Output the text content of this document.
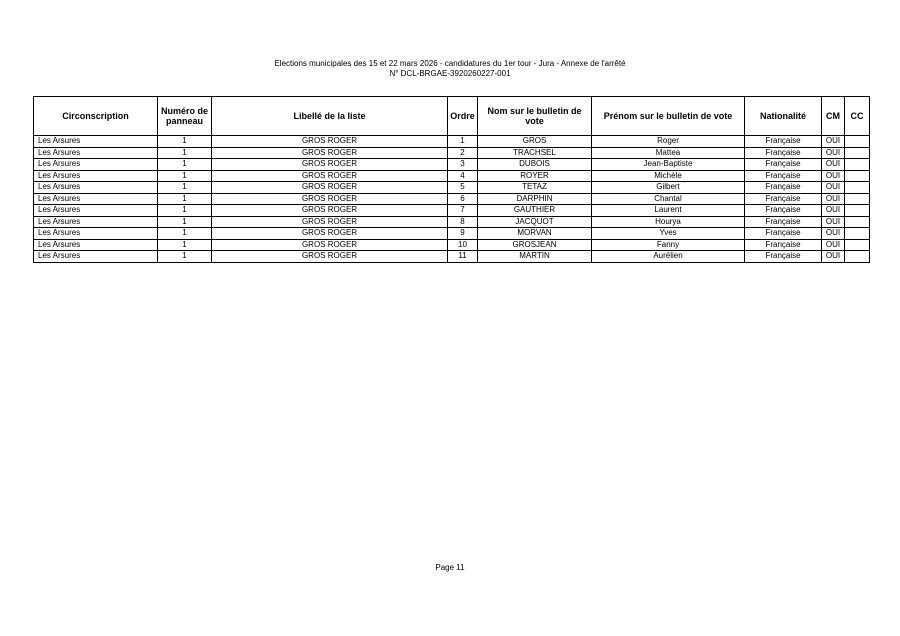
Elections municipales des 15 et 22 mars 2026 - candidatures du 1er tour - Jura - Annexe de l'arrêté
N° DCL-BRGAE-3920260227-001
Circonscription	Numéro de panneau	Libellé de la liste	Ordre	Nom sur le bulletin de vote	Prénom sur le bulletin de vote	Nationalité	CM	CC
Les Arsures	1	GROS ROGER	1	GROS	Roger	Française	OUI	
Les Arsures	1	GROS ROGER	2	TRACHSEL	Mattea	Française	OUI	
Les Arsures	1	GROS ROGER	3	DUBOIS	Jean-Baptiste	Française	OUI	
Les Arsures	1	GROS ROGER	4	ROYER	Michèle	Française	OUI	
Les Arsures	1	GROS ROGER	5	TETAZ	Gilbert	Française	OUI	
Les Arsures	1	GROS ROGER	6	DARPHIN	Chantal	Française	OUI	
Les Arsures	1	GROS ROGER	7	GAUTHIER	Laurent	Française	OUI	
Les Arsures	1	GROS ROGER	8	JACQUOT	Hourya	Française	OUI	
Les Arsures	1	GROS ROGER	9	MORVAN	Yves	Française	OUI	
Les Arsures	1	GROS ROGER	10	GROSJEAN	Fanny	Française	OUI	
Les Arsures	1	GROS ROGER	11	MARTIN	Aurélien	Française	OUI	
Page 11
